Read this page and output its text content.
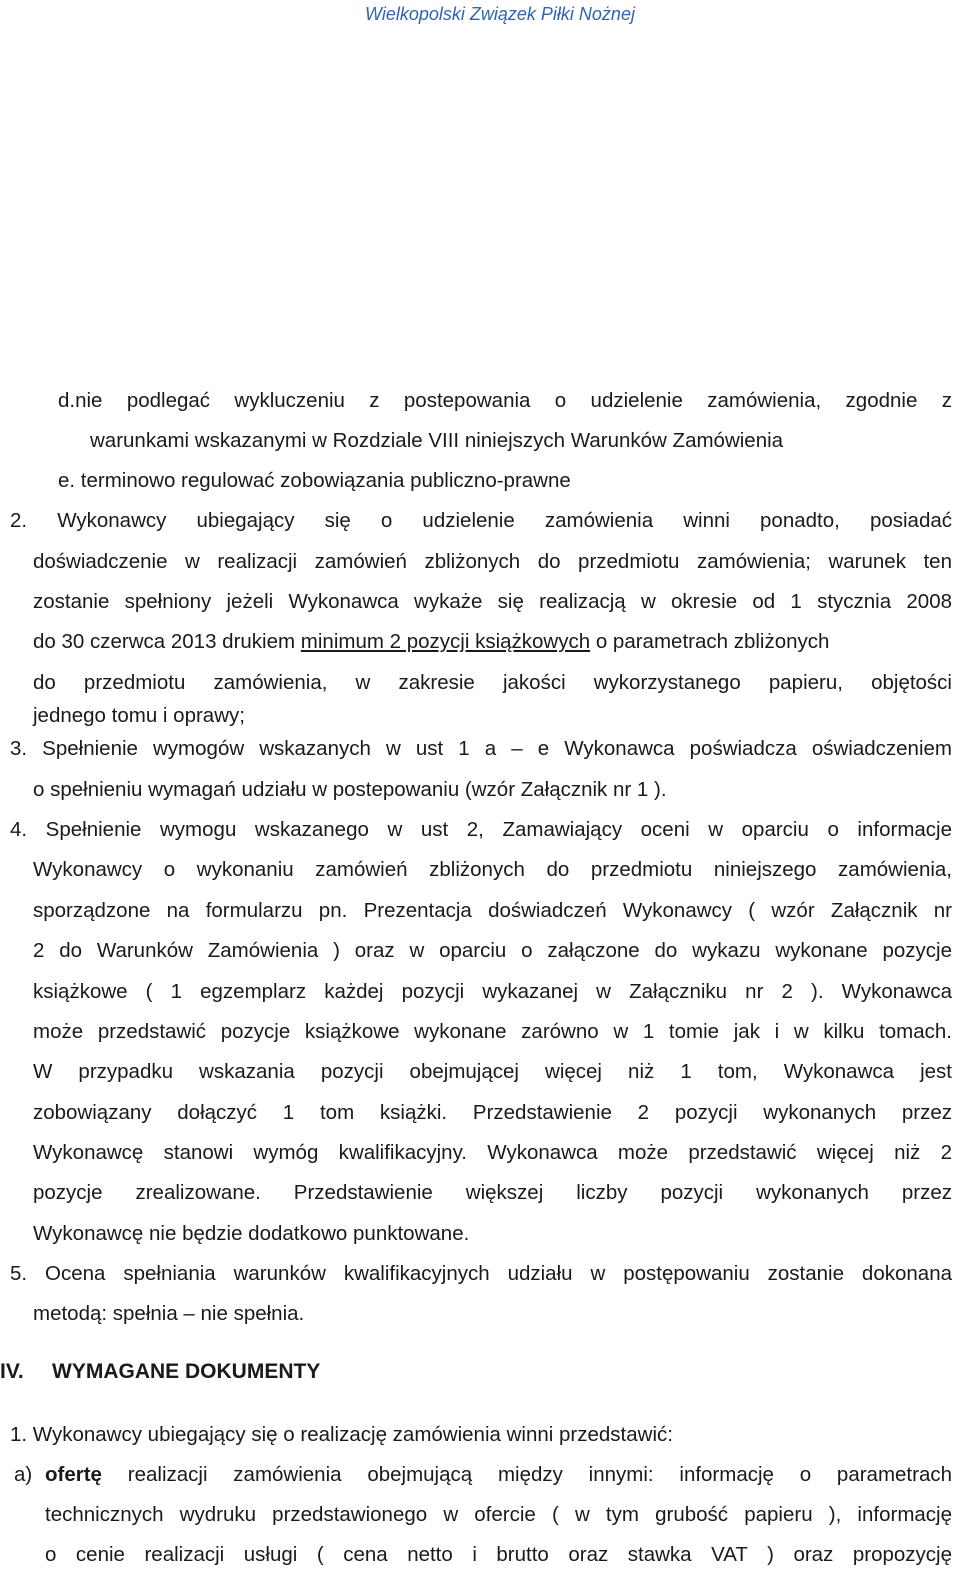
Wielkopolski Związek Piłki Nożnej
d.nie podlegać wykluczeniu z postepowania o udzielenie zamówienia, zgodnie z
warunkami wskazanymi w Rozdziale VIII niniejszych Warunków Zamówienia
e. terminowo regulować zobowiązania publiczno-prawne
2. Wykonawcy ubiegający się o udzielenie zamówienia winni ponadto, posiadać
doświadczenie w realizacji zamówień zbliżonych do przedmiotu zamówienia; warunek ten
zostanie spełniony jeżeli Wykonawca wykaże się realizacją w okresie od 1 stycznia 2008
do 30 czerwca 2013 drukiem minimum 2 pozycji książkowych o parametrach zbliżonych
do przedmiotu zamówienia, w zakresie jakości wykorzystanego papieru, objętości
jednego tomu i oprawy;
3. Spełnienie wymogów wskazanych w ust 1 a – e Wykonawca poświadcza oświadczeniem
o spełnieniu wymagań udziału w postepowaniu (wzór Załącznik nr 1 ).
4. Spełnienie wymogu wskazanego w ust 2, Zamawiający oceni w oparciu o informacje
Wykonawcy o wykonaniu zamówień zbliżonych do przedmiotu niniejszego zamówienia,
sporządzone na formularzu pn. Prezentacja doświadczeń Wykonawcy ( wzór Załącznik nr
2 do Warunków Zamówienia ) oraz w oparciu o załączone do wykazu wykonane pozycje
książkowe ( 1 egzemplarz każdej pozycji wykazanej w Załączniku nr 2 ). Wykonawca
może przedstawić pozycje książkowe wykonane zarówno w 1 tomie jak i w kilku tomach.
W przypadku wskazania pozycji obejmującej więcej niż 1 tom, Wykonawca jest
zobowiązany dołączyć 1 tom książki. Przedstawienie 2 pozycji wykonanych przez
Wykonawcę stanowi wymóg kwalifikacyjny. Wykonawca może przedstawić więcej niż 2
pozycje zrealizowane. Przedstawienie większej liczby pozycji wykonanych przez
Wykonawcę nie będzie dodatkowo punktowane.
5. Ocena spełniania warunków kwalifikacyjnych udziału w postępowaniu zostanie dokonana
metodą: spełnia – nie spełnia.
IV. WYMAGANE DOKUMENTY
1. Wykonawcy ubiegający się o realizację zamówienia winni przedstawić:
a) ofertę realizacji zamówienia obejmującą między innymi: informację o parametrach
technicznych wydruku przedstawionego w ofercie ( w tym grubość papieru ), informację
o cenie realizacji usługi ( cena netto i brutto oraz stawka VAT ) oraz propozycję
